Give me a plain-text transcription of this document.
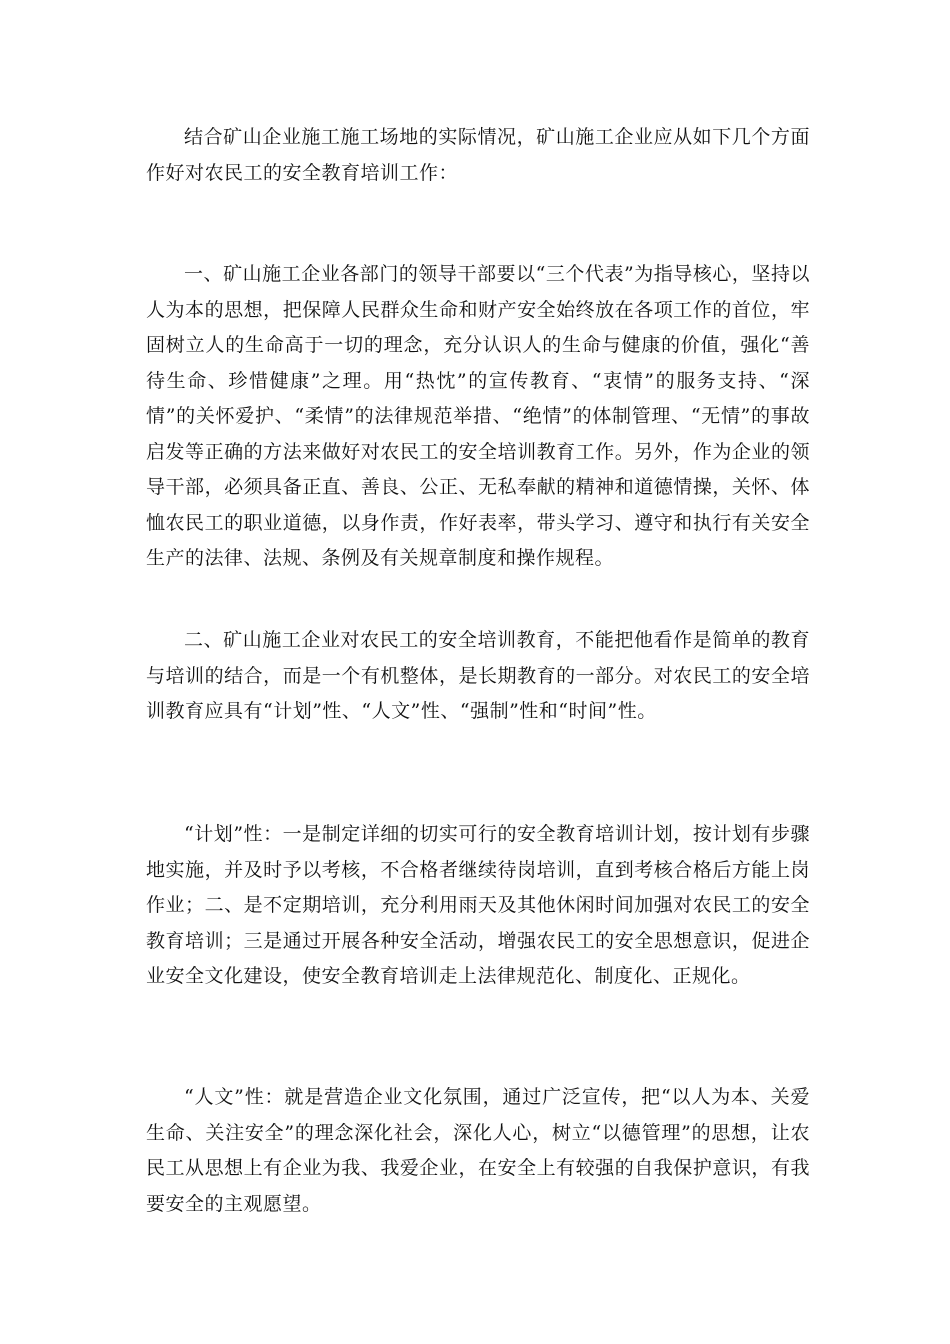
结合矿山企业施工施工场地的实际情况，矿山施工企业应从如下几个方面作好对农民工的安全教育培训工作：

一、矿山施工企业各部门的领导干部要以“三个代表”为指导核心，坚持以人为本的思想，把保障人民群众生命和财产安全始终放在各项工作的首位，牢固树立人的生命高于一切的理念，充分认识人的生命与健康的价值，强化“善待生命、珍惜健康”之理。用“热忱”的宣传教育、“衷情”的服务支持、“深情”的关怀爱护、“柔情”的法律规范举措、“绝情”的体制管理、“无情”的事故启发等正确的方法来做好对农民工的安全培训教育工作。另外，作为企业的领导干部，必须具备正直、善良、公正、无私奉献的精神和道德情操，关怀、体恤农民工的职业道德，以身作责，作好表率，带头学习、遵守和执行有关安全生产的法律、法规、条例及有关规章制度和操作规程。

二、矿山施工企业对农民工的安全培训教育，不能把他看作是简单的教育与培训的结合，而是一个有机整体，是长期教育的一部分。对农民工的安全培训教育应具有“计划”性、“人文”性、“强制”性和“时间”性。

“计划”性：一是制定详细的切实可行的安全教育培训计划，按计划有步骤地实施，并及时予以考核，不合格者继续待岗培训，直到考核合格后方能上岗作业；二、是不定期培训，充分利用雨天及其他休闲时间加强对农民工的安全教育培训；三是通过开展各种安全活动，增强农民工的安全思想意识，促进企业安全文化建设，使安全教育培训走上法律规范化、制度化、正规化。

“人文”性：就是营造企业文化氛围，通过广泛宣传，把“以人为本、关爱生命、关注安全”的理念深化社会，深化人心，树立“以德管理”的思想，让农民工从思想上有企业为我、我爱企业，在安全上有较强的自我保护意识，有我要安全的主观愿望。
